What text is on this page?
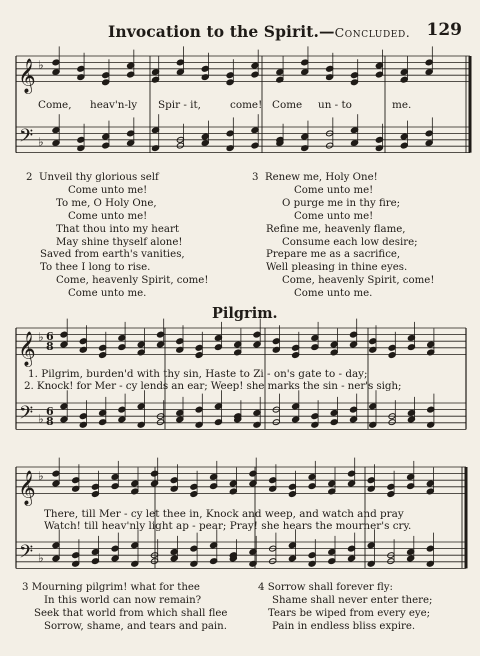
Invocation to the Spirit.—Concluded. 129
𝄞
𝄢
♭
♭
𝄞
𝄢
♭
♭
6
8
6
8
𝄞
𝄢
♭
♭
Come, heav'n-ly Spir - it,	come! Come un - to	me.
2 Unveil thy glorious self
Come unto me!
To me, O Holy One,
Come unto me!
That thou into my heart
May shine thyself alone!
Saved from earth's vanities,
To thee I long to rise.
Come, heavenly Spirit, come!
Come unto me.
3 Renew me, Holy One!
Come unto me!
O purge me in thy fire;
Come unto me!
Refine me, heavenly flame,
Consume each low desire;
Prepare me as a sacrifice,
Well pleasing in thine eyes.
Come, heavenly Spirit, come!
Come unto me.
Pilgrim.
1. Pilgrim, burden'd with thy sin, Haste to Zi - on's gate to - day;
2. Knock! for Mer - cy lends an ear; Weep! she marks the sin - ner's sigh;
There, till Mer - cy let thee in, Knock and weep, and watch and pray
Watch! till heav'nly light ap - pear; Pray! she hears the mourner's cry.
3 Mourning pilgrim! what for thee
In this world can now remain?
Seek that world from which shall flee
Sorrow, shame, and tears and pain.
4 Sorrow shall forever fly:
Shame shall never enter there;
Tears be wiped from every eye;
Pain in endless bliss expire.
